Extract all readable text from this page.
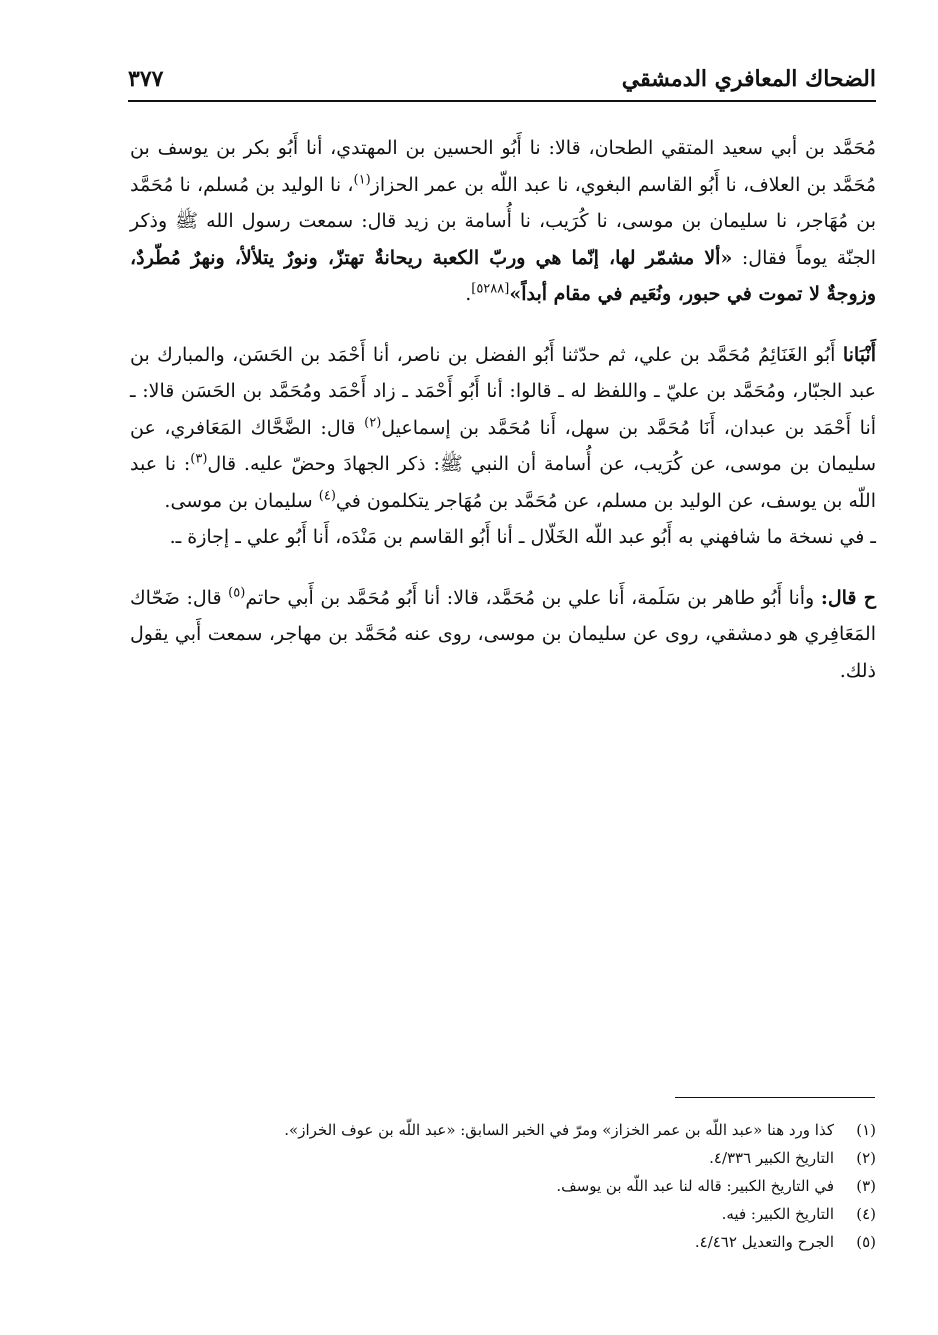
الضحاك المعافري الدمشقي
٣٧٧

مُحَمَّد بن أبي سعيد المتقي الطحان، قالا: نا أَبُو الحسين بن المهتدي، أنا أَبُو بكر بن يوسف بن مُحَمَّد بن العلاف، نا أَبُو القاسم البغوي، نا عبد اللّه بن عمر الحزاز$^{(١)}$، نا الوليد بن مُسلم، نا مُحَمَّد بن مُهَاجر، نا سليمان بن موسى، نا كُرَيب، نا أُسامة بن زيد قال: سمعت رسول الله ﷺ وذكر الجنّة يوماً فقال: «ألا مشمّر لها، إنّما هي وربّ الكعبة ريحانةٌ تهتزّ، ونورٌ يتلألأ، ونهرٌ مُطّردٌ، وزوجةٌ لا تموت في حبور، ونُعَيم في مقام أبداً»[٥٢٨٨].

أَنْبَانا أَبُو الغَنَائِمُ مُحَمَّد بن علي، ثم حدّثنا أَبُو الفضل بن ناصر، أنا أَحْمَد بن الحَسَن، والمبارك بن عبد الجبّار، ومُحَمَّد بن عليّ ـ واللفظ له ـ قالوا: أنا أَبُو أَحْمَد ـ زاد أَحْمَد ومُحَمَّد بن الحَسَن قالا: ـ أنا أَحْمَد بن عبدان، أَنَا مُحَمَّد بن سهل، أَنا مُحَمَّد بن إسماعيل$^{(٢)}$ قال: الضَّحَّاك المَعَافري، عن سليمان بن موسى، عن كُرَيب، عن أُسامة أن النبي ﷺ: ذكر الجهادَ وحضّ عليه. قال$^{(٣)}$: نا عبد اللّه بن يوسف، عن الوليد بن مسلم، عن مُحَمَّد بن مُهَاجر يتكلمون في$^{(٤)}$ سليمان بن موسى.

ـ في نسخة ما شافهني به أَبُو عبد اللّه الخَلّال ـ أنا أَبُو القاسم بن مَنْدَه، أَنا أَبُو علي ـ إجازة ـ.

ح قال: وأنا أَبُو طاهر بن سَلَمة، أَنا علي بن مُحَمَّد، قالا: أنا أَبُو مُحَمَّد بن أَبي حاتم$^{(٥)}$ قال: ضَحّاك المَعَافِري هو دمشقي، روى عن سليمان بن موسى، روى عنه مُحَمَّد بن مهاجر، سمعت أَبي يقول ذلك.

(١)
كذا ورد هنا «عبد اللّه بن عمر الخزاز» ومرّ في الخبر السابق: «عبد اللّه بن عوف الخراز».
(٢)
التاريخ الكبير ٤/٣٣٦.
(٣)
في التاريخ الكبير: قاله لنا عبد اللّه بن يوسف.
(٤)
التاريخ الكبير: فيه.
(٥)
الجرح والتعديل ٤/٤٦٢.
